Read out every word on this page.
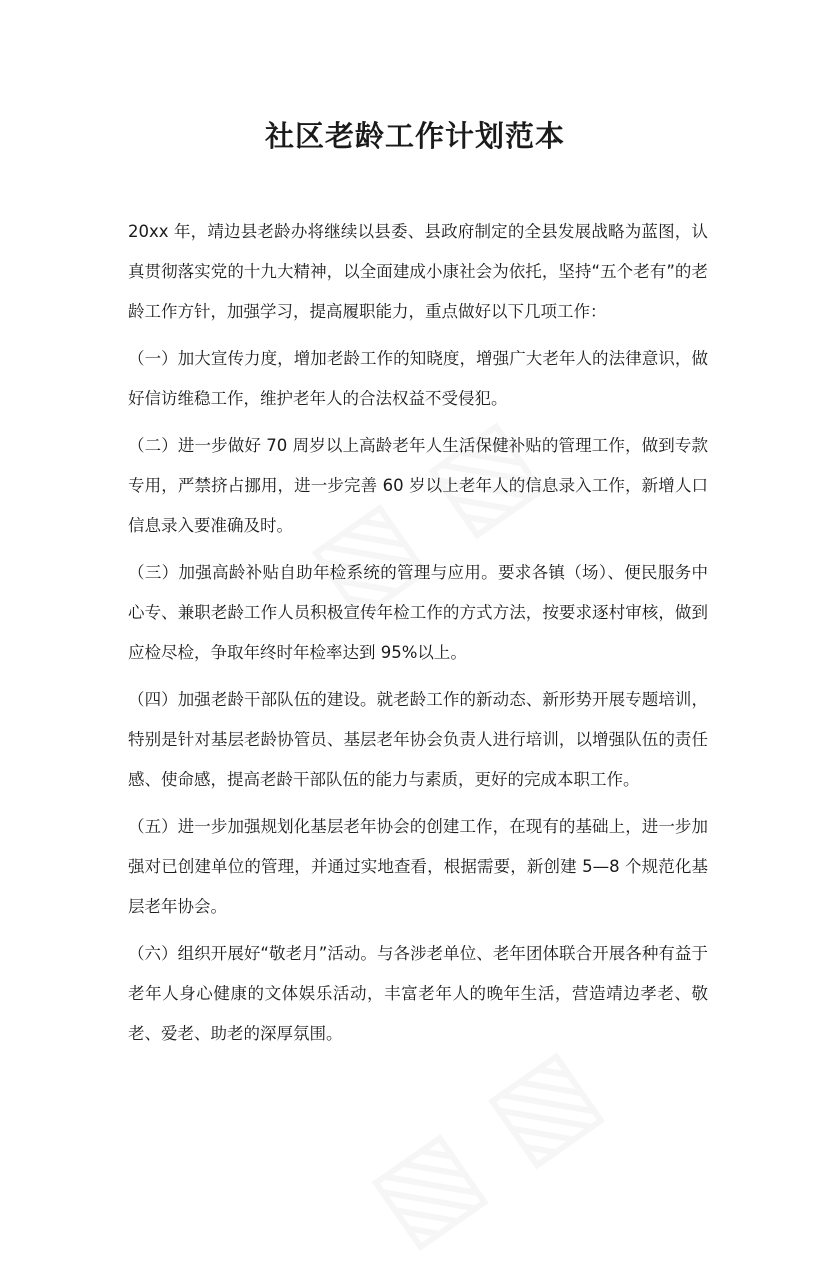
社区老龄工作计划范本

20xx 年，靖边县老龄办将继续以县委、县政府制定的全县发展战略为蓝图，认真贯彻落实党的十九大精神，以全面建成小康社会为依托，坚持“五个老有”的老龄工作方针，加强学习，提高履职能力，重点做好以下几项工作：

（一）加大宣传力度，增加老龄工作的知晓度，增强广大老年人的法律意识，做好信访维稳工作，维护老年人的合法权益不受侵犯。

（二）进一步做好 70 周岁以上高龄老年人生活保健补贴的管理工作，做到专款专用，严禁挤占挪用，进一步完善 60 岁以上老年人的信息录入工作，新增人口信息录入要准确及时。

（三）加强高龄补贴自助年检系统的管理与应用。要求各镇（场）、便民服务中心专、兼职老龄工作人员积极宣传年检工作的方式方法，按要求逐村审核，做到应检尽检，争取年终时年检率达到 95%以上。

（四）加强老龄干部队伍的建设。就老龄工作的新动态、新形势开展专题培训，特别是针对基层老龄协管员、基层老年协会负责人进行培训，以增强队伍的责任感、使命感，提高老龄干部队伍的能力与素质，更好的完成本职工作。

（五）进一步加强规划化基层老年协会的创建工作，在现有的基础上，进一步加强对已创建单位的管理，并通过实地查看，根据需要，新创建 5—8 个规范化基层老年协会。

（六）组织开展好“敬老月”活动。与各涉老单位、老年团体联合开展各种有益于老年人身心健康的文体娱乐活动，丰富老年人的晚年生活，营造靖边孝老、敬老、爱老、助老的深厚氛围。
